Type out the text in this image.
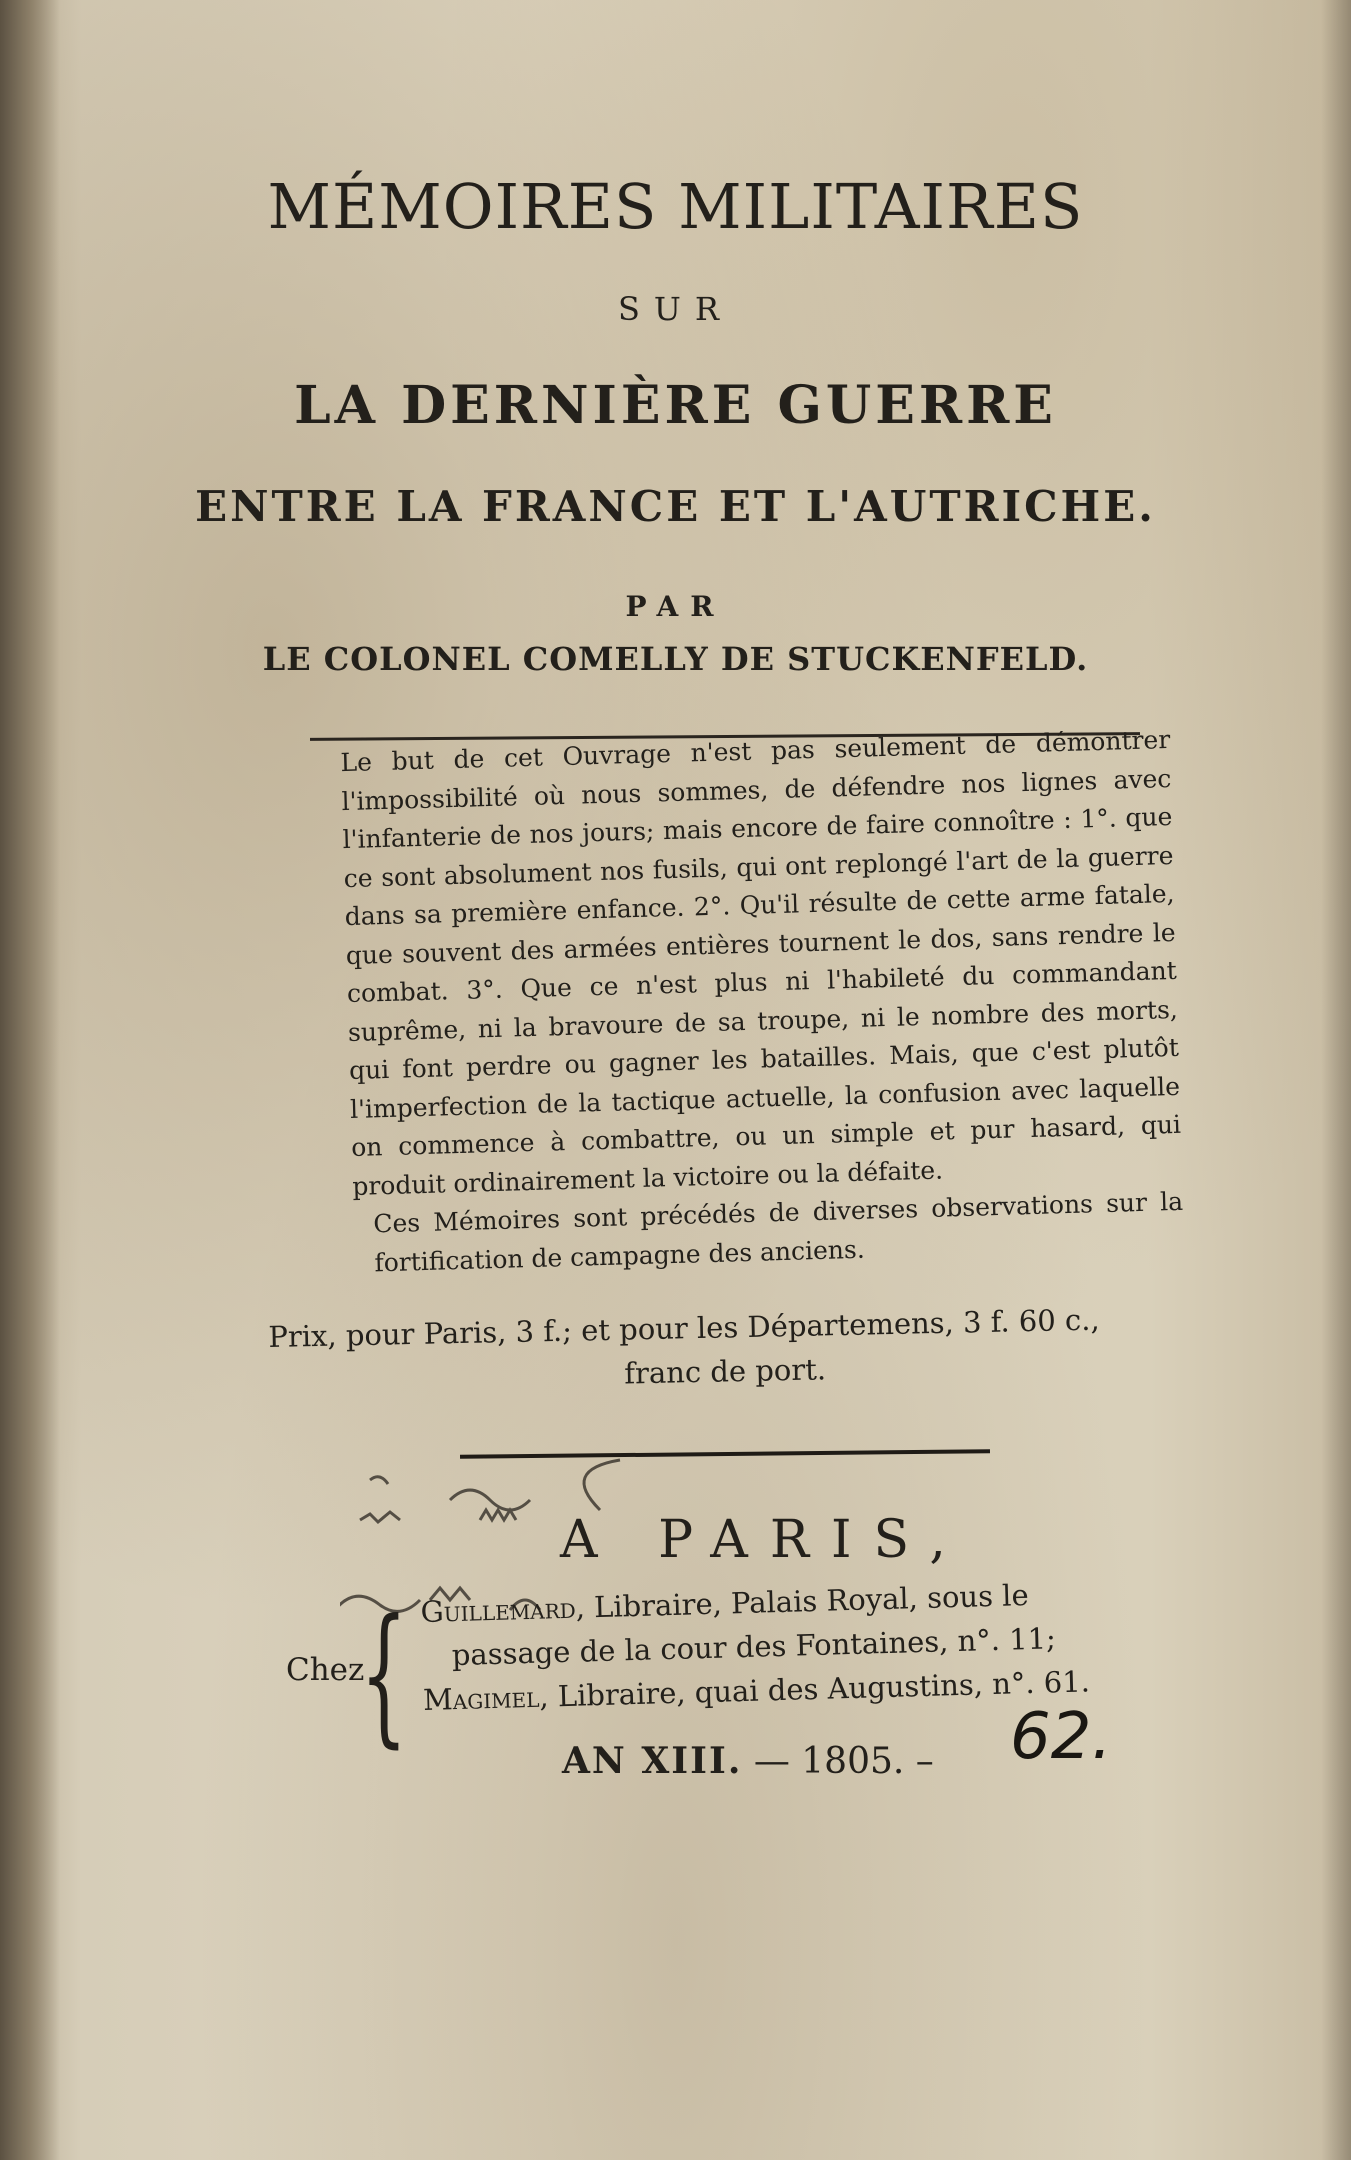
MÉMOIRES MILITAIRES
SUR
LA DERNIÈRE GUERRE
ENTRE LA FRANCE ET L'AUTRICHE.
PAR
LE COLONEL COMELLY DE STUCKENFELD.

Le but de cet Ouvrage n'est pas seulement de démontrer l'impossibilité où nous sommes, de défendre nos lignes avec l'infanterie de nos jours; mais encore de faire connoître : 1°. que ce sont absolument nos fusils, qui ont replongé l'art de la guerre dans sa première enfance. 2°. Qu'il résulte de cette arme fatale, que souvent des armées entières tournent le dos, sans rendre le combat. 3°. Que ce n'est plus ni l'habileté du commandant suprême, ni la bravoure de sa troupe, ni le nombre des morts, qui font perdre ou gagner les batailles. Mais, que c'est plutôt l'imperfection de la tactique actuelle, la confusion avec laquelle on commence à combattre, ou un simple et pur hasard, qui produit ordinairement la victoire ou la défaite.

Ces Mémoires sont précédés de diverses observations sur la fortification de campagne des anciens.

Prix, pour Paris, 3 f.; et pour les Départemens, 3 f. 60 c.,
franc de port.
A PARIS,
Chez
{ Guillemard, Libraire, Palais Royal, sous le
passage de la cour des Fontaines, n°. 11;
Magimel, Libraire, quai des Augustins, n°. 61.
AN XIII. — 1805. – 62.
